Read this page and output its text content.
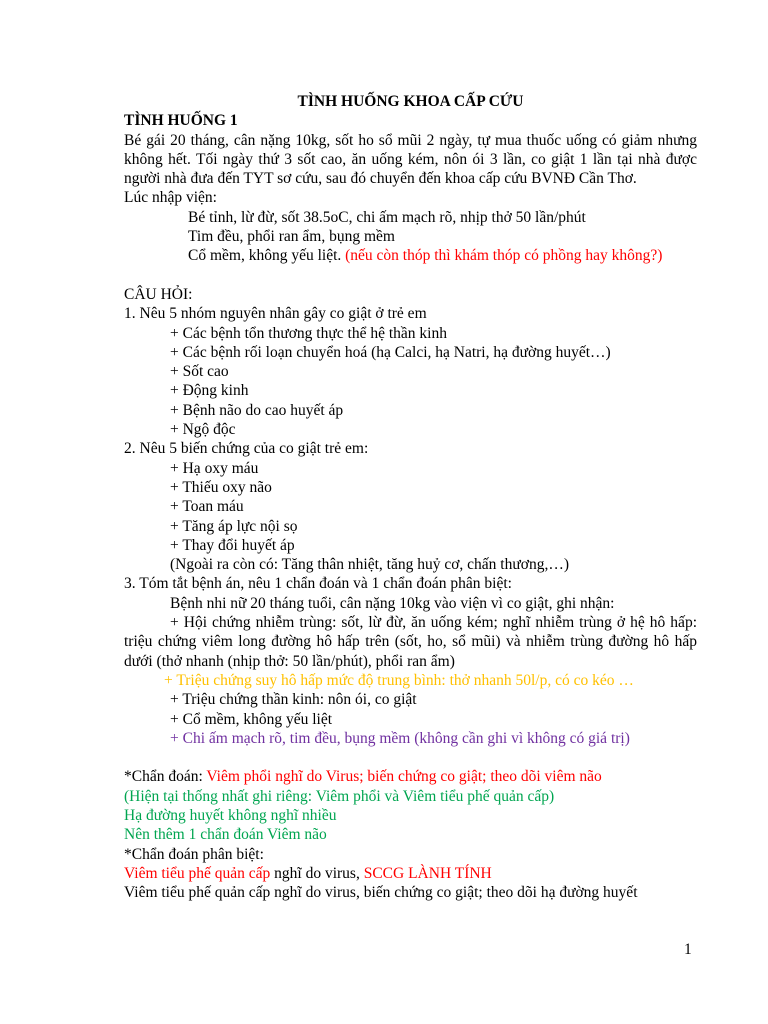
TÌNH HUỐNG KHOA CẤP CỨU
TÌNH HUỐNG 1
Bé gái 20 tháng, cân nặng 10kg, sốt ho sổ mũi 2 ngày, tự mua thuốc uống có giảm nhưng không hết. Tối ngày thứ 3 sốt cao, ăn uống kém, nôn ói 3 lần, co giật 1 lần tại nhà được người nhà đưa đến TYT sơ cứu, sau đó chuyển đến khoa cấp cứu BVNĐ Cần Thơ.
Lúc nhập viện:
Bé tỉnh, lừ đừ, sốt 38.5oC, chi ấm mạch rõ, nhịp thở 50 lần/phút
Tim đều, phổi ran ẩm, bụng mềm
Cổ mềm, không yếu liệt. (nếu còn thóp thì khám thóp có phồng hay không?)
CÂU HỎI:
1. Nêu 5 nhóm nguyên nhân gây co giật ở trẻ em
+ Các bệnh tổn thương thực thể hệ thần kinh
+ Các bệnh rối loạn chuyển hoá (hạ Calci, hạ Natri, hạ đường huyết…)
+ Sốt cao
+ Động kinh
+ Bệnh não do cao huyết áp
+ Ngộ độc
2. Nêu 5 biến chứng của co giật trẻ em:
+ Hạ oxy máu
+ Thiếu oxy não
+ Toan máu
+ Tăng áp lực nội sọ
+ Thay đổi huyết áp
(Ngoài ra còn có: Tăng thân nhiệt, tăng huỷ cơ, chấn thương,…)
3. Tóm tắt bệnh án, nêu 1 chẩn đoán và 1 chẩn đoán phân biệt:
Bệnh nhi nữ 20 tháng tuổi, cân nặng 10kg vào viện vì co giật, ghi nhận:
+ Hội chứng nhiễm trùng: sốt, lừ đừ, ăn uống kém; nghĩ nhiễm trùng ở hệ hô hấp: triệu chứng viêm long đường hô hấp trên (sốt, ho, sổ mũi) và nhiễm trùng đường hô hấp dưới (thở nhanh (nhịp thở: 50 lần/phút), phổi ran ẩm)
+ Triệu chứng suy hô hấp mức độ trung bình: thở nhanh 50l/p, có co kéo …
+ Triệu chứng thần kinh: nôn ói, co giật
+ Cổ mềm, không yếu liệt
+ Chi ấm mạch rõ, tim đều, bụng mềm (không cần ghi vì không có giá trị)
*Chẩn đoán: Viêm phổi nghĩ do Virus; biến chứng co giật; theo dõi viêm não
(Hiện tại thống nhất ghi riêng: Viêm phổi và Viêm tiểu phế quản cấp)
Hạ đường huyết không nghĩ nhiều
Nên thêm 1 chẩn đoán Viêm não
*Chẩn đoán phân biệt:
Viêm tiểu phế quản cấp nghĩ do virus, SCCG LÀNH TÍNH
Viêm tiểu phế quản cấp nghĩ do virus, biến chứng co giật; theo dõi hạ đường huyết
1
